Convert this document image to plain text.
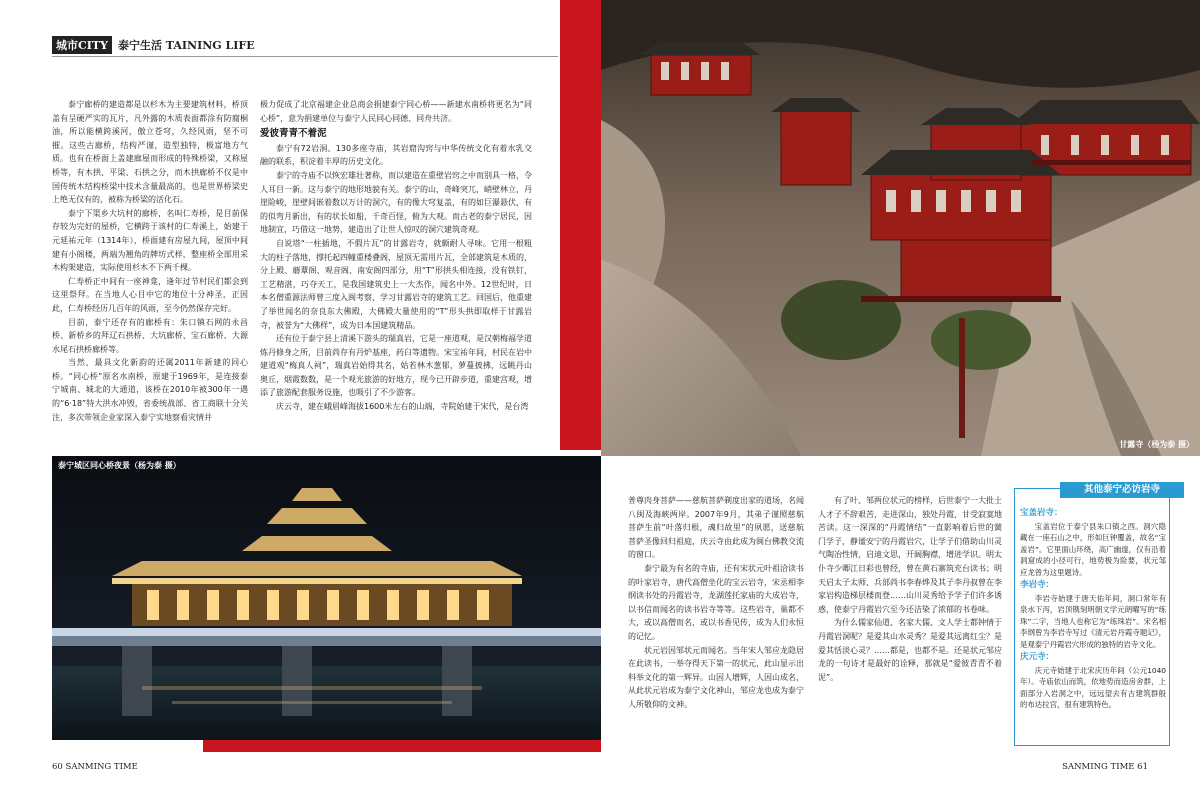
城市CITY 泰宁生活 TAINING LIFE

泰宁廊桥的建造都是以杉木为主要建筑材料，桥顶盖有呈硬严实的瓦片，凡外露的木质表面都涂有防腐桐油，所以能横跨溪河，傲立苍穹，久经风雨，坚不可摧。这些古廊桥，结构严谨，造型独特，极富地方气质。也有在桥面上盖建廊屋而形成的特殊桥梁，又称屋桥等，有木拱、平梁、石拱之分，而木拱廊桥不仅是中国传统木结构桥梁中技术含量最高的，也是世界桥梁史上绝无仅有的，被称为桥梁的活化石。

泰宁下渠乡大坑村的廊桥，名叫仁寿桥，是目前保存较为完好的屋桥，它横跨于该村的仁寿溪上，始建于元延祐元年（1314年），桥面建有房屋九间，屋顶中间建有小阁楼，两端为翘角的牌坊式样，整座桥全部用采木构架建造，实际使用杉木不下两千棵。

仁寿桥正中间有一座神龛，逢年过节村民们都会到这里祭拜。在当地人心目中它的地位十分神圣，正因此，仁寿桥经历几百年的风雨，至今仍然保存完好。

目前，泰宁还存有的廊桥有：朱口镇石网的永昌桥、新桥乡的拜辽石拱桥、大坑廊桥、宝石廊桥、大源水尾石拱桥廊桥等。

当然，最具文化新韵的还属2011年新建的同心桥。“同心桥”原名水南桥，原建于1969年，是连接泰宁城南、城北的大通道，该桥在2010年被300年一遇的“6·18”特大洪水冲毁，省委统战部、省工商联十分关注，多次带领企业家深入泰宁实地察看灾情并

极力促成了北京福建企业总商会捐建泰宁同心桥——新建水南桥将更名为“同心桥”，意为捐建单位与泰宁人民同心同德、同舟共济。

爱彼青青不着泥

泰宁有72岩洞、130多座寺庙，其岩窟沟窍与中华传统文化有着水乳交融的联系，积淀着丰厚的历史文化。

泰宁的寺庙不以恢宏雄壮著称，而以建造在重壁岩窍之中而别具一格，令人耳目一新。这与泰宁的地形地貌有关。泰宁的山，奇峰突兀，峭壁林立，丹崖险峻，崖壁间嵌着数以万计的洞穴，有的像大穹复盖，有的如巨瀑悬伏，有的似弯月新出，有的状长如船，千奇百怪，俯为大观。而古老的泰宁居民，因地制宜，巧借这一地势，建造出了让世人惊叹的洞穴建筑奇观。

自说塔“一柱插地，不假片瓦”的甘露岩寺，就颇耐人寻味。它用一根粗大的柱子落地，撑托起四幢重楼叠阁，屋顶无需用片瓦，全部建筑是木质的，分上殿、蘑蕈阁、观音阁、南安阁四部分，用“T”形拱头相连接，没有铁钉，工艺精湛，巧夺天工，是我国建筑史上一大杰作，闻名中外。12世纪时，日本名僧重源法师曾三度入闽考察，学习甘露岩寺的建筑工艺。回国后，他重建了举世闻名的奈良东大佛殿，大佛殿大量使用的“T”形头拱即取样于甘露岩寺，被誉为“大佛样”，成为日本国建筑精品。

还有位于泰宁县上清溪下游头的瑞真岩，它是一座道观，是汉朝梅福学道炼丹修身之所，目前尚存有丹炉基座，药臼等遗物。宋宝祐年间，村民在岩中建道观“梅真人祠”，瑞真岩始得其名，姑若林木葱郁，萝蔓披拂，远眺丹山奥丘，烟霞数数，是一个观光旅游的好地方，现今已开辟步道，重建宫观，增添了旅游配套服务设施，也吸引了不少游客。

庆云寺，建在峨眉峰海拔1600米左右的山端，寺院始建于宋代，是台湾

甘露寺（杨为泰 摄）
泰宁城区同心桥夜景（杨为泰 摄）

普尊肉身菩萨——慈航菩萨剃度出家的道场，名闻八闽及海峡两岸。2007年9月，其弟子谨照慈航菩萨生前“叶落归根，魂归故里”的夙愿，送慈航菩萨圣像回归祖庭，庆云寺由此成为闽台佛教交流的窗口。

泰宁最为有名的寺庙，还有宋状元叶祖洽读书的叶家岩寺，唐代高僧坐化的宝云岩寺，宋丞相李纲读书处的丹霞岩寺，龙湖莲托家庙的大成岩寺，以书信而闻名的读书岩寺等等。这些岩寺，巢都不大，或以高僧而名，或以书香见传，成为人们永恒的记忆。

状元岩因邹状元而闻名。当年宋人邹应龙隐居在此读书，一举夺得天下第一的状元，此山显示出科举文化的第一辉异。山因人增辉，人因山成名，从此状元岩成为泰宁文化神山，邹应龙也成为泰宁人所敬仰的文神。

有了叶、邹两位状元的榜样，后世泰宁一大批士人才子不辞艰苦，走进深山，独处丹霞，甘受寂寞地苦读。这一深深的“丹霞情结”一直影响着后世的黉门学子，静谧安宁的丹霞岩穴，让学子们借助山川灵气陶冶性情，启迪文思，开阔胸襟，增进学识。明太仆寺少卿江日彩也曾经，曾在黄石寨筑充台读书；明天启太子太师、兵部尚书李春烨及其子李丹叔曾在李家岩构造梯层楼而登……山川灵秀给予学子们许多诱惑，使泰宁丹霞岩穴至今还洁染了浓郁的书卷味。

为什么儒家仙道、名家大儒、文人学士都钟情于丹霞岩洞呢？是爱其山水灵秀？是爱其远离红尘？是爱其恬淡心灵？……都是，也都不是。还是状元邹应龙的一句诗才是最好的诠释，那就是“爱彼青青不着泥”。

其他泰宁必访岩寺
宝盖岩寺：

宝盖岩位于泰宁县朱口镇之西。洞穴隐藏在一座石山之中，形如巨钟覆盖，故名“宝盖岩”。它里面山环绕，高广幽邃，仅有沿着洞窟成的小径可行，地势极为险要，状元邹应龙曾为这里题诗。

李岩寺：

李岩寺始建于唐天佑年间，洞口常年有泉水下泻，岩顶镌刻明朝文学元朗曜写的“练珠”二字，当地人也称它为“练珠岩”。宋名相李纲曾为李岩寺写过《清元岩丹霞寺题记》，是观泰宁丹霞岩穴形成的独特的岩寺文化。

庆元寺：

庆元寺始建于北宋庆历年间（公元1040年）。寺庙依山而筑，依地势而造房舍群，上面部分入岩洞之中，远远望去有古建筑群般的布达拉宫，很有建筑特色。

60 SANMING TIME	SANMING TIME 61
